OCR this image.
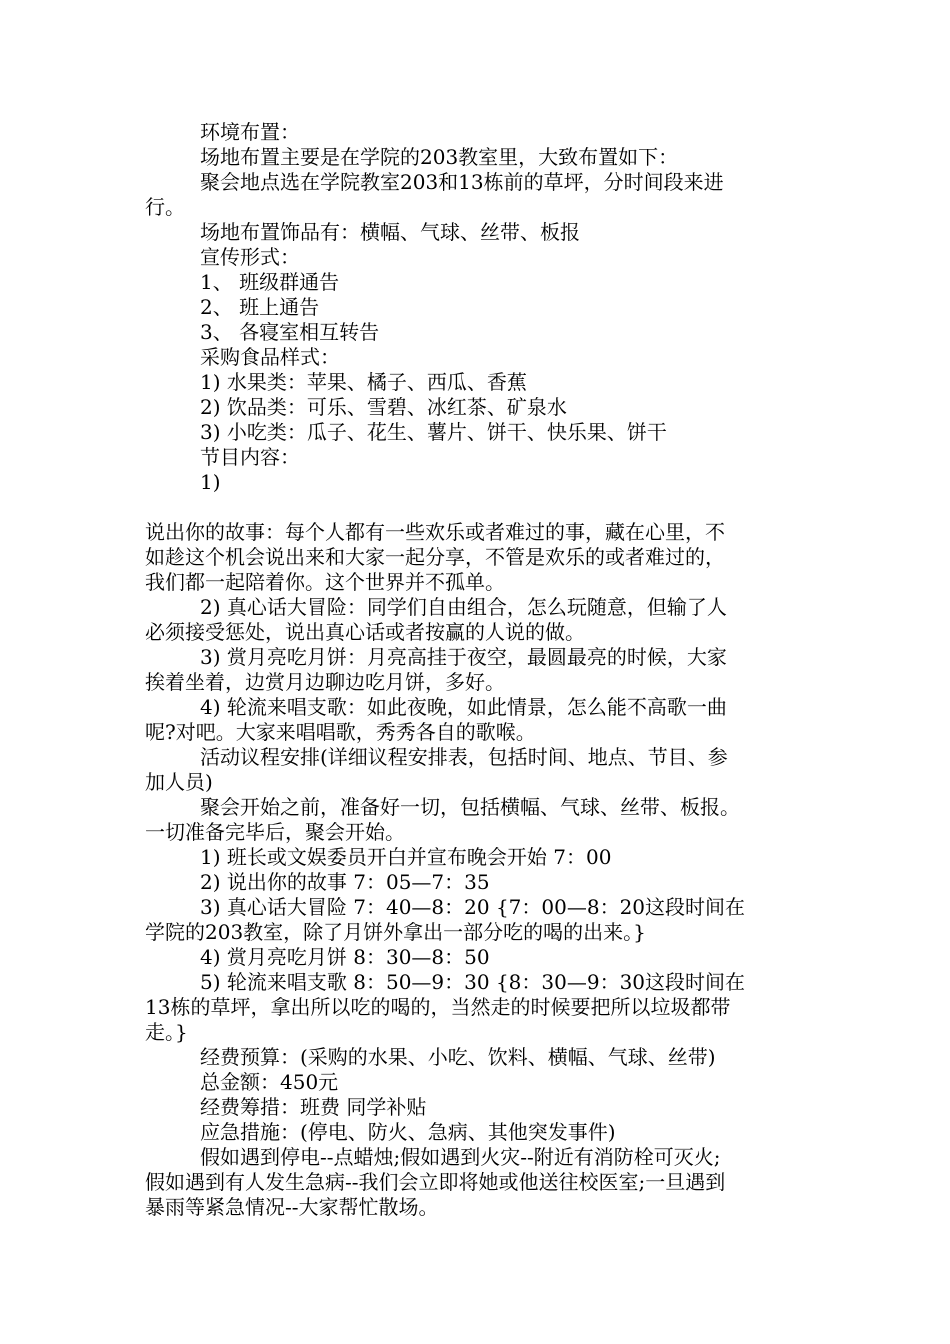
环境布置：
场地布置主要是在学院的203教室里，大致布置如下：
聚会地点选在学院教室203和13栋前的草坪，分时间段来进
行。
场地布置饰品有：横幅、气球、丝带、板报
宣传形式：
1、 班级群通告
2、 班上通告
3、 各寝室相互转告
采购食品样式：
1) 水果类：苹果、橘子、西瓜、香蕉
2) 饮品类：可乐、雪碧、冰红茶、矿泉水
3) 小吃类：瓜子、花生、薯片、饼干、快乐果、饼干
节目内容：
1)
说出你的故事：每个人都有一些欢乐或者难过的事，藏在心里，不
如趁这个机会说出来和大家一起分享，不管是欢乐的或者难过的，
我们都一起陪着你。这个世界并不孤单。
2) 真心话大冒险：同学们自由组合，怎么玩随意，但输了人
必须接受惩处，说出真心话或者按赢的人说的做。
3) 赏月亮吃月饼：月亮高挂于夜空，最圆最亮的时候，大家
挨着坐着，边赏月边聊边吃月饼，多好。
4) 轮流来唱支歌：如此夜晚，如此情景，怎么能不高歌一曲
呢?对吧。大家来唱唱歌，秀秀各自的歌喉。
活动议程安排(详细议程安排表，包括时间、地点、节目、参
加人员)
聚会开始之前，准备好一切，包括横幅、气球、丝带、板报。
一切准备完毕后，聚会开始。
1) 班长或文娱委员开白并宣布晚会开始 7：00
2) 说出你的故事 7：05—7：35
3) 真心话大冒险 7：40—8：20 {7：00—8：20这段时间在
学院的203教室，除了月饼外拿出一部分吃的喝的出来。}
4) 赏月亮吃月饼 8：30—8：50
5) 轮流来唱支歌 8：50—9：30 {8：30—9：30这段时间在
13栋的草坪，拿出所以吃的喝的，当然走的时候要把所以垃圾都带
走。}
经费预算：(采购的水果、小吃、饮料、横幅、气球、丝带)
总金额：450元
经费筹措：班费 同学补贴
应急措施：(停电、防火、急病、其他突发事件)
假如遇到停电--点蜡烛;假如遇到火灾--附近有消防栓可灭火;
假如遇到有人发生急病--我们会立即将她或他送往校医室;一旦遇到
暴雨等紧急情况--大家帮忙散场。
